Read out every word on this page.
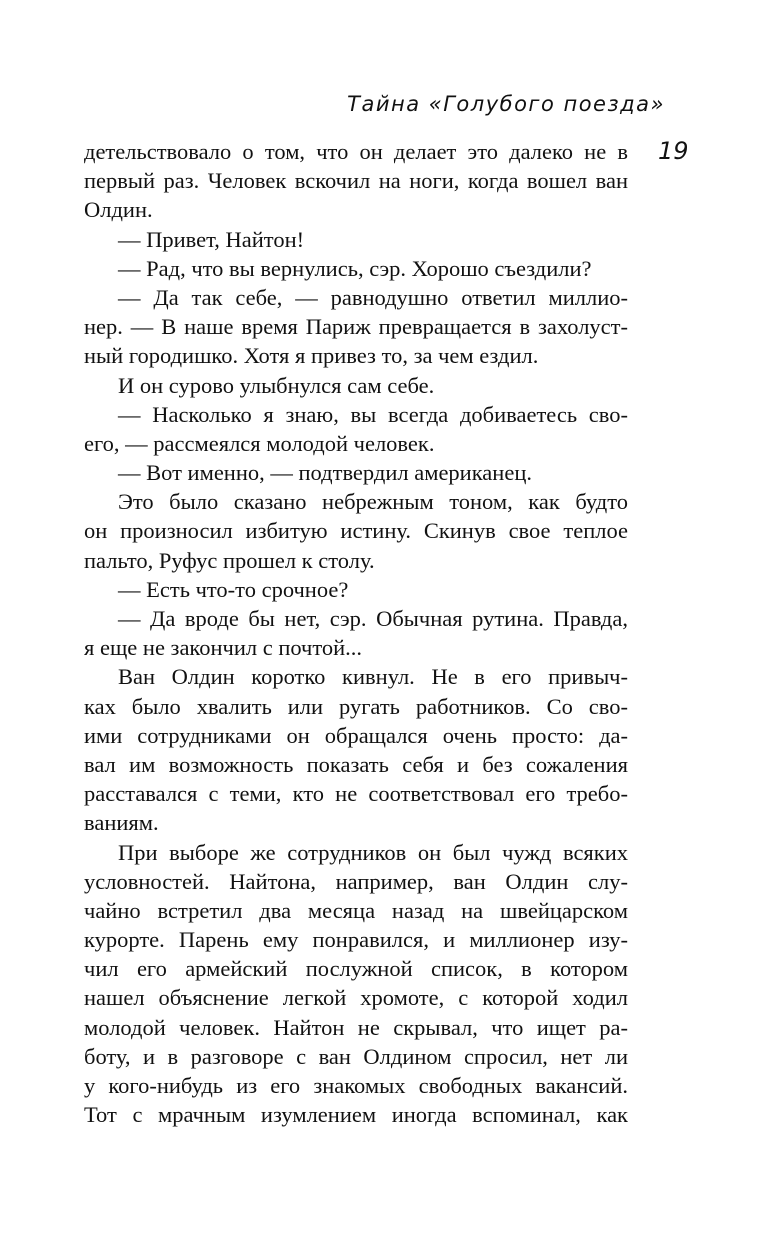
Тайна «Голубого поезда»
19
детельствовало о том, что он делает это далеко не в
первый раз. Человек вскочил на ноги, когда вошел ван
Олдин.
— Привет, Найтон!
— Рад, что вы вернулись, сэр. Хорошо съездили?
— Да так себе, — равнодушно ответил миллио-
нер. — В наше время Париж превращается в захолуст-
ный городишко. Хотя я привез то, за чем ездил.
И он сурово улыбнулся сам себе.
— Насколько я знаю, вы всегда добиваетесь сво-
его, — рассмеялся молодой человек.
— Вот именно, — подтвердил американец.
Это было сказано небрежным тоном, как будто
он произносил избитую истину. Скинув свое теплое
пальто, Руфус прошел к столу.
— Есть что-то срочное?
— Да вроде бы нет, сэр. Обычная рутина. Правда,
я еще не закончил с почтой...
Ван Олдин коротко кивнул. Не в его привыч-
ках было хвалить или ругать работников. Со сво-
ими сотрудниками он обращался очень просто: да-
вал им возможность показать себя и без сожаления
расставался с теми, кто не соответствовал его требо-
ваниям.
При выборе же сотрудников он был чужд всяких
условностей. Найтона, например, ван Олдин слу-
чайно встретил два месяца назад на швейцарском
курорте. Парень ему понравился, и миллионер изу-
чил его армейский послужной список, в котором
нашел объяснение легкой хромоте, с которой ходил
молодой человек. Найтон не скрывал, что ищет ра-
боту, и в разговоре с ван Олдином спросил, нет ли
у кого-нибудь из его знакомых свободных вакансий.
Тот с мрачным изумлением иногда вспоминал, как
